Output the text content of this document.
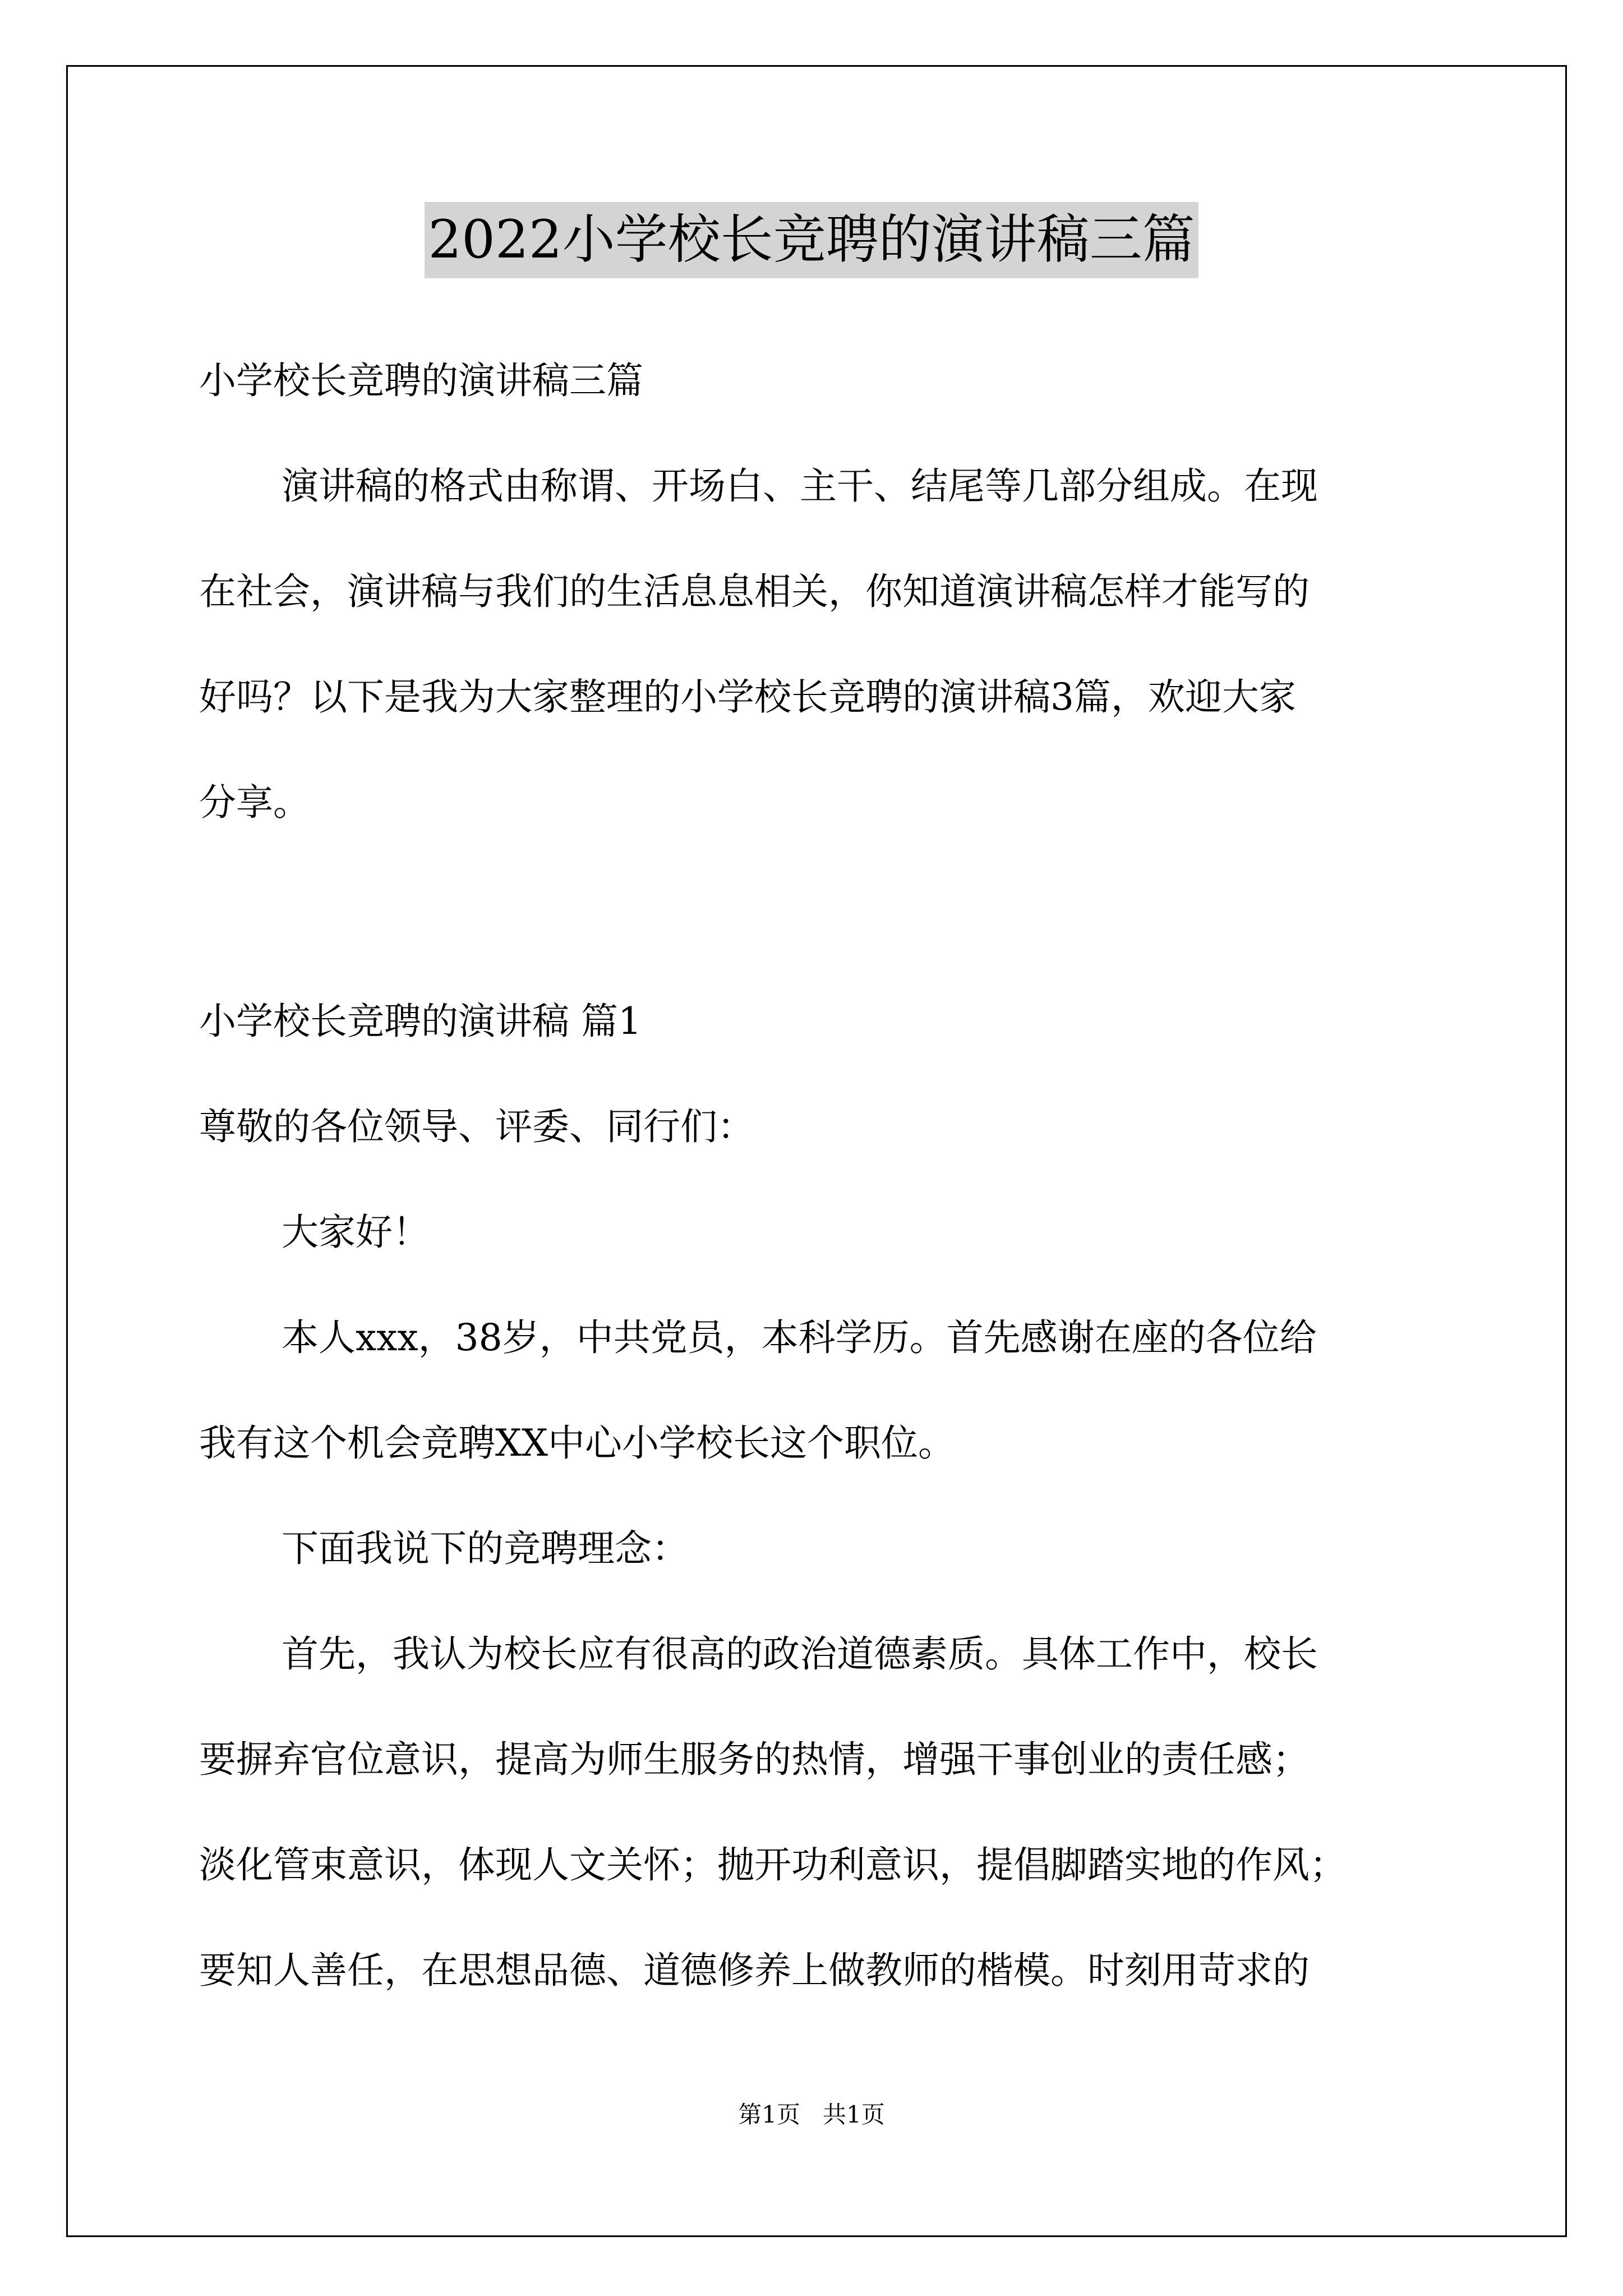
2022小学校长竞聘的演讲稿三篇
小学校长竞聘的演讲稿三篇
演讲稿的格式由称谓、开场白、主干、结尾等几部分组成。在现
在社会，演讲稿与我们的生活息息相关，你知道演讲稿怎样才能写的
好吗？以下是我为大家整理的小学校长竞聘的演讲稿3篇，欢迎大家
分享。
小学校长竞聘的演讲稿 篇1
尊敬的各位领导、评委、同行们：
大家好！
本人xxx，38岁，中共党员，本科学历。首先感谢在座的各位给
我有这个机会竞聘XX中心小学校长这个职位。
下面我说下的竞聘理念：
首先，我认为校长应有很高的政治道德素质。具体工作中，校长
要摒弃官位意识，提高为师生服务的热情，增强干事创业的责任感；
淡化管束意识，体现人文关怀；抛开功利意识，提倡脚踏实地的作风；
要知人善任，在思想品德、道德修养上做教师的楷模。时刻用苛求的
第1页   共1页
